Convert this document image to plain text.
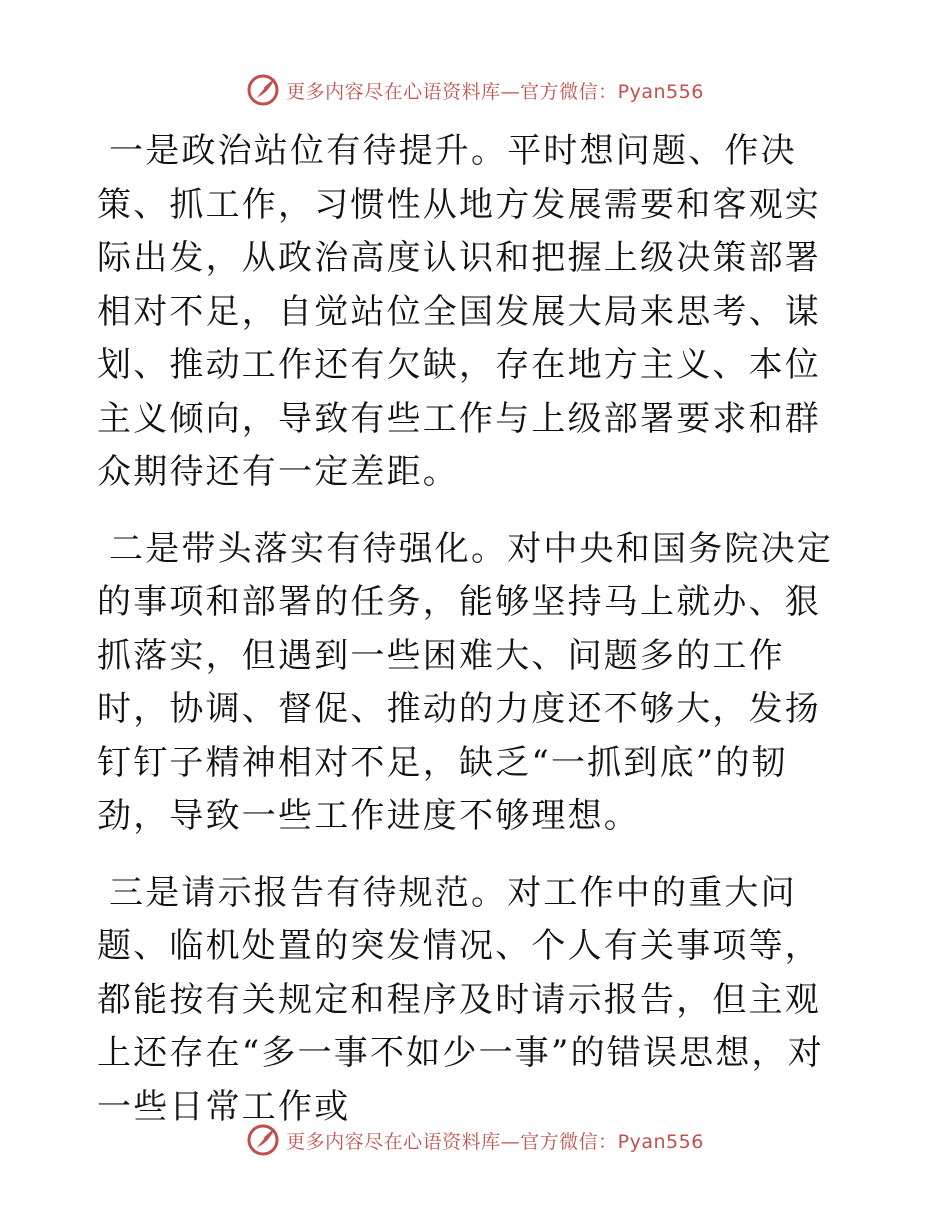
更多内容尽在心语资料库—官方微信：Pyan556

一是政治站位有待提升。平时想问题、作决策、抓工作，习惯性从地方发展需要和客观实际出发，从政治高度认识和把握上级决策部署相对不足，自觉站位全国发展大局来思考、谋划、推动工作还有欠缺，存在地方主义、本位主义倾向，导致有些工作与上级部署要求和群众期待还有一定差距。

二是带头落实有待强化。对中央和国务院决定的事项和部署的任务，能够坚持马上就办、狠抓落实，但遇到一些困难大、问题多的工作时，协调、督促、推动的力度还不够大，发扬钉钉子精神相对不足，缺乏“一抓到底”的韧劲，导致一些工作进度不够理想。

三是请示报告有待规范。对工作中的重大问题、临机处置的突发情况、个人有关事项等，都能按有关规定和程序及时请示报告，但主观上还存在“多一事不如少一事”的错误思想，对一些日常工作或

更多内容尽在心语资料库—官方微信：Pyan556
